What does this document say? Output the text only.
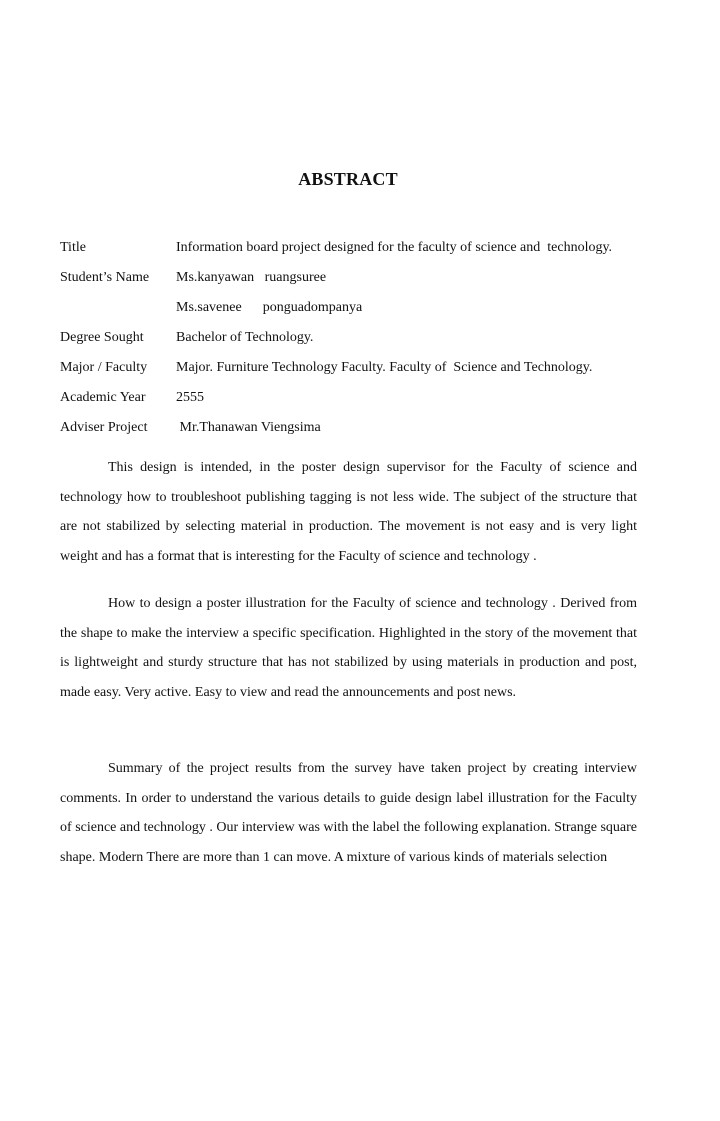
ABSTRACT
Title	Information board project designed for the faculty of science and  technology.
Student’s Name	Ms.kanyawan   ruangsuree
Ms.savenee      ponguadompanya
Degree Sought	Bachelor of Technology.
Major / Faculty	Major. Furniture Technology Faculty. Faculty of  Science and Technology.
Academic Year	2555
Adviser Project	Mr.Thanawan Viengsima

This design is intended, in the poster design supervisor for the Faculty of science and technology how to troubleshoot publishing tagging is not less wide. The subject of the structure that are not stabilized by selecting material in production. The movement is not easy and is very light weight and has a format that is interesting for the Faculty of science and technology .

How to design a poster illustration for the Faculty of science and technology . Derived from the shape to make the interview a specific specification. Highlighted in the story of the movement that is lightweight and sturdy structure that has not stabilized by using materials in production and post, made easy. Very active. Easy to view and read the announcements and post news.

Summary of the project results from the survey have taken project by creating interview comments. In order to understand the various details to guide design label illustration for the Faculty of science and technology . Our interview was with the label the following explanation. Strange square shape. Modern There are more than 1 can move. A mixture of various kinds of materials selection
